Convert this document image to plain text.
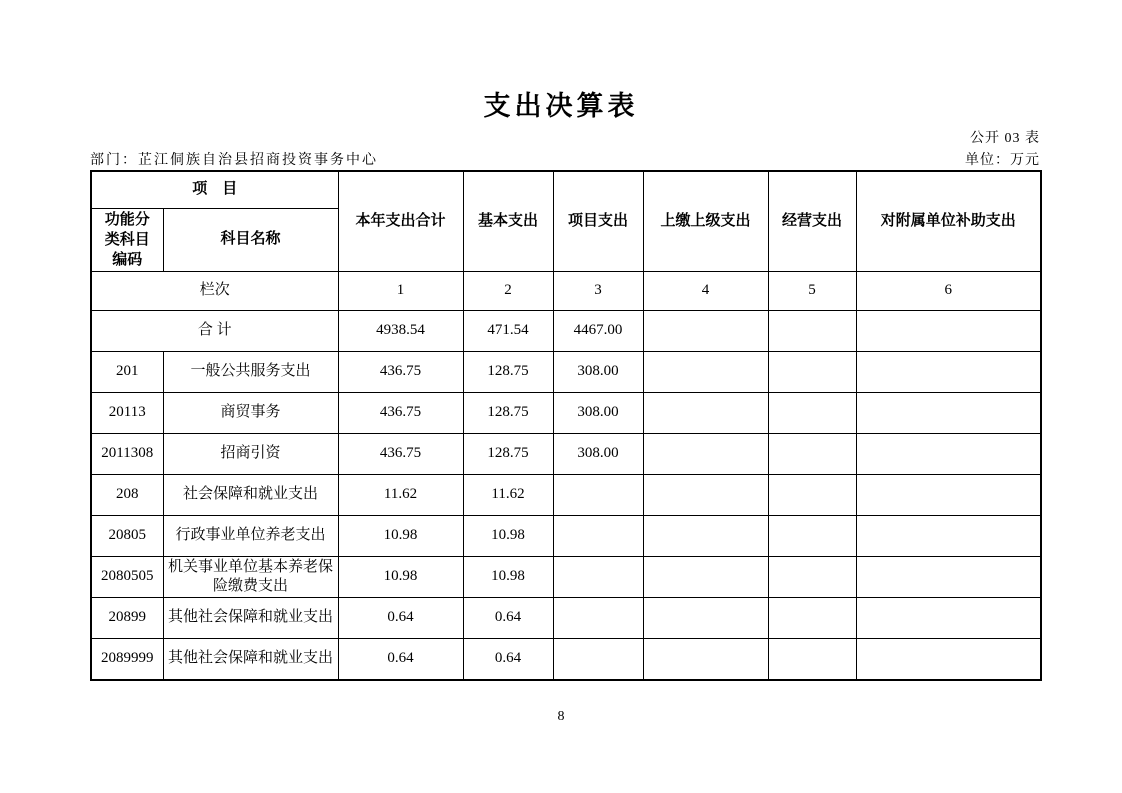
支出决算表
公开 03 表
部门：芷江侗族自治县招商投资事务中心	单位：万元
项　目		本年支出合计	基本支出	项目支出	上缴上级支出	经营支出	对附属单位补助支出
功能分类科目编码	科目名称						
栏次		1	2	3	4	5	6
合 计		4938.54	471.54	4467.00			
201	一般公共服务支出	436.75	128.75	308.00			
20113	商贸事务	436.75	128.75	308.00			
2011308	招商引资	436.75	128.75	308.00			
208	社会保障和就业支出	11.62	11.62				
20805	行政事业单位养老支出	10.98	10.98				
2080505	机关事业单位基本养老保险缴费支出	10.98	10.98				
20899	其他社会保障和就业支出	0.64	0.64				
2089999	其他社会保障和就业支出	0.64	0.64				
8
